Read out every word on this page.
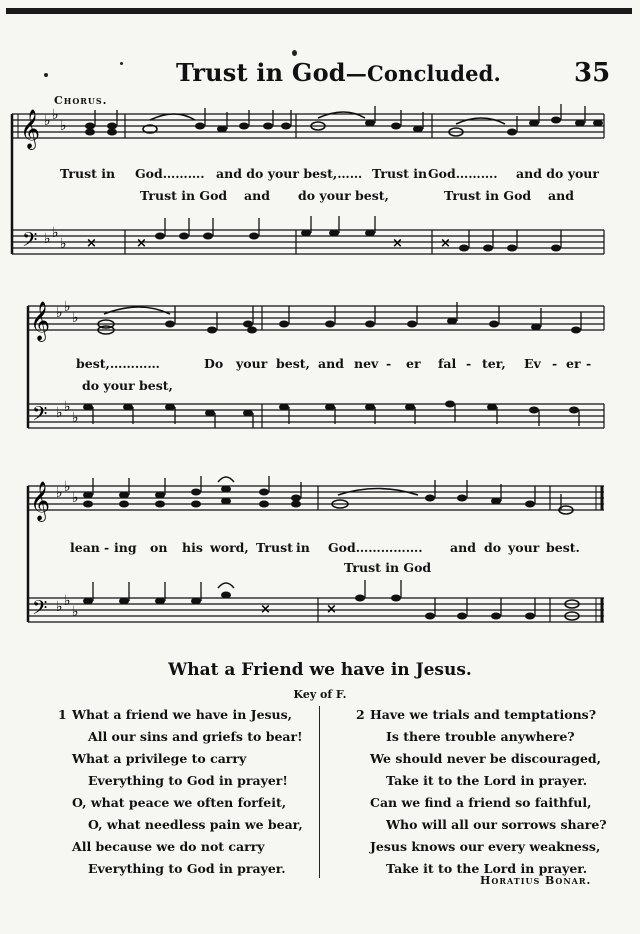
Trust in God—Concluded.	35
Chorus.
𝄞
𝄢
♭ ♭
♭
♭ ♭
♭ ×	×	×	×
Trust in God………. and do your best,…… Trust in God………. and do your
Trust in God and do your best,	Trust in God and
𝄞
𝄢
♭ ♭
♭
♭ ♭
♭
best,…………	Do your best, and nev - er fal - ter, Ev - er -
do your best,
𝄞
𝄢
♭ ♭
♭
♭ ♭
♭	×	×
lean - ing on his word, Trust in God……………. and do your best.
Trust in God
What a Friend we have in Jesus.
Key of F.
1 What a friend we have in Jesus,
All our sins and griefs to bear!
What a privilege to carry
Everything to God in prayer!
O, what peace we often forfeit,
O, what needless pain we bear,
All because we do not carry
Everything to God in prayer.
2 Have we trials and temptations?
Is there trouble anywhere?
We should never be discouraged,
Take it to the Lord in prayer.
Can we find a friend so faithful,
Who will all our sorrows share?
Jesus knows our every weakness,
Take it to the Lord in prayer.
Horatius Bonar.
